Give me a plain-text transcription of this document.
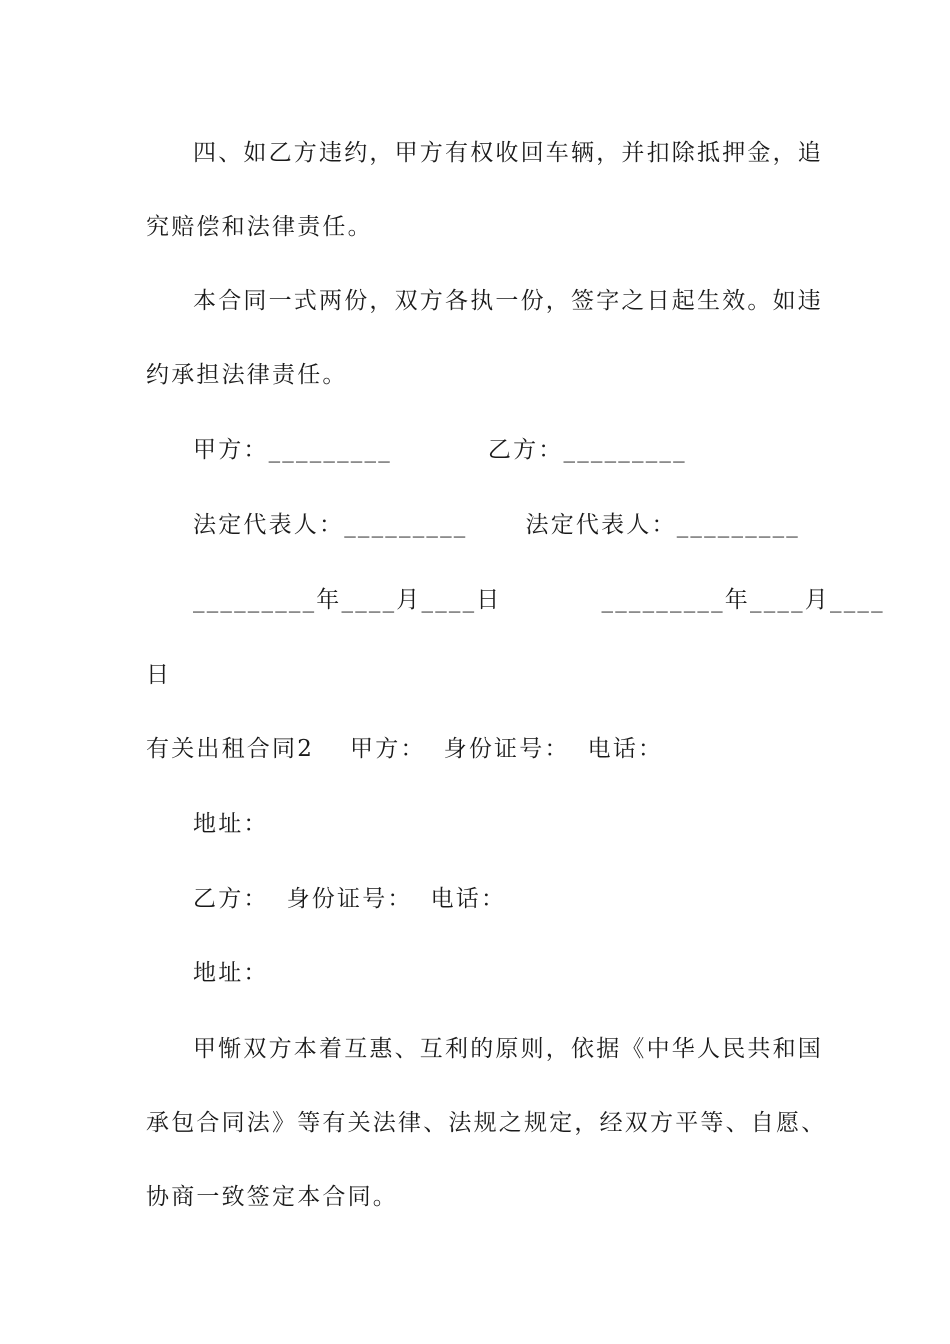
四、如乙方违约，甲方有权收回车辆，并扣除抵押金，追
究赔偿和法律责任。
本合同一式两份，双方各执一份，签字之日起生效。如违
约承担法律责任。
甲方：_________	乙方：_________
法定代表人：_________	法定代表人：_________
_________年____月____日	_________年____月____
日
有关出租合同2 甲方： 身份证号： 电话：
地址：
乙方： 身份证号： 电话：
地址：
甲惭双方本着互惠、互利的原则，依据《中华人民共和国
承包合同法》等有关法律、法规之规定，经双方平等、自愿、
协商一致签定本合同。
